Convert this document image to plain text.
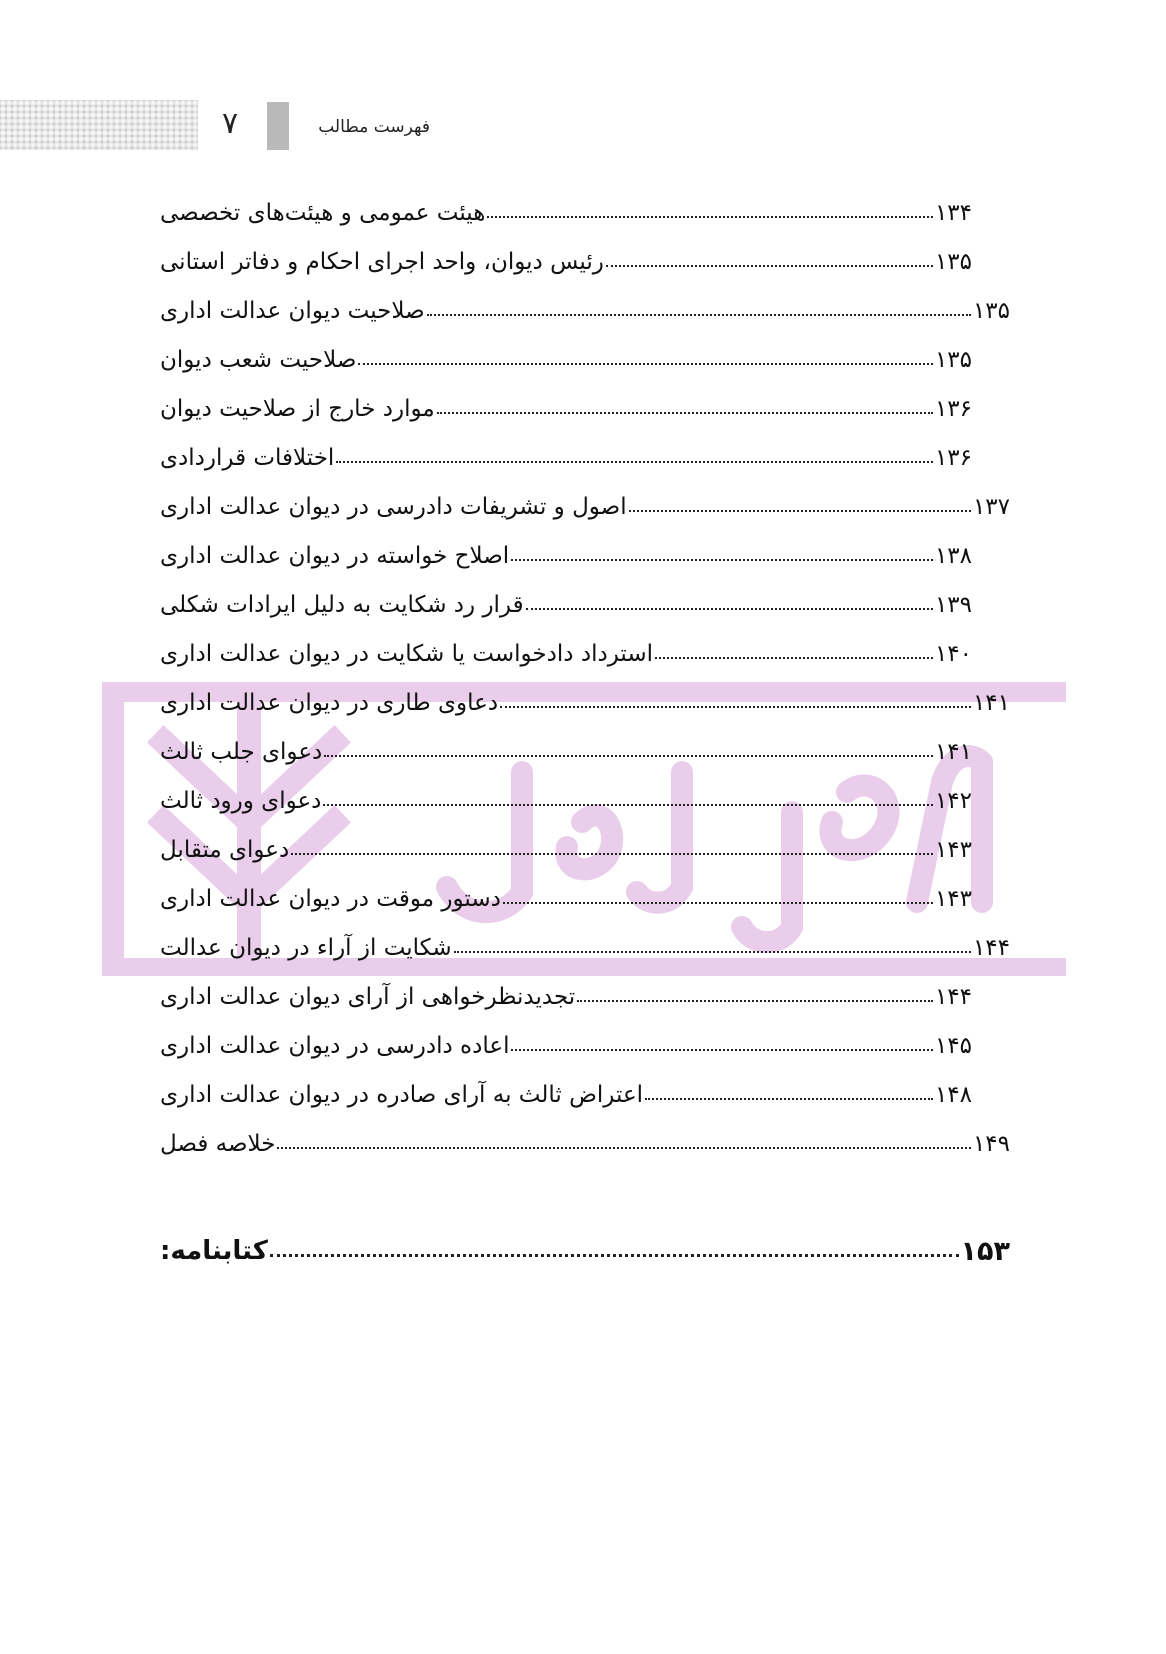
۷	فهرست مطالب
هیئت عمومی و هیئت‌های تخصصی	۱۳۴
رئیس دیوان، واحد اجرای احکام و دفاتر استانی	۱۳۵
صلاحیت دیوان عدالت اداری	۱۳۵
صلاحیت شعب دیوان	۱۳۵
موارد خارج از صلاحیت دیوان	۱۳۶
اختلافات قراردادی	۱۳۶
اصول و تشریفات دادرسی در دیوان عدالت اداری	۱۳۷
اصلاح خواسته در دیوان عدالت اداری	۱۳۸
قرار رد شکایت به دلیل ایرادات شکلی	۱۳۹
استرداد دادخواست یا شکایت در دیوان عدالت اداری	۱۴۰
دعاوی طاری در دیوان عدالت اداری	۱۴۱
دعوای جلب ثالث	۱۴۱
دعوای ورود ثالث	۱۴۲
دعوای متقابل	۱۴۳
دستور موقت در دیوان عدالت اداری	۱۴۳
شکایت از آراء در دیوان عدالت	۱۴۴
تجدیدنظرخواهی از آرای دیوان عدالت اداری	۱۴۴
اعاده دادرسی در دیوان عدالت اداری	۱۴۵
اعتراض ثالث به آرای صادره در دیوان عدالت اداری	۱۴۸
خلاصه فصل	۱۴۹
کتابنامه:	۱۵۳
